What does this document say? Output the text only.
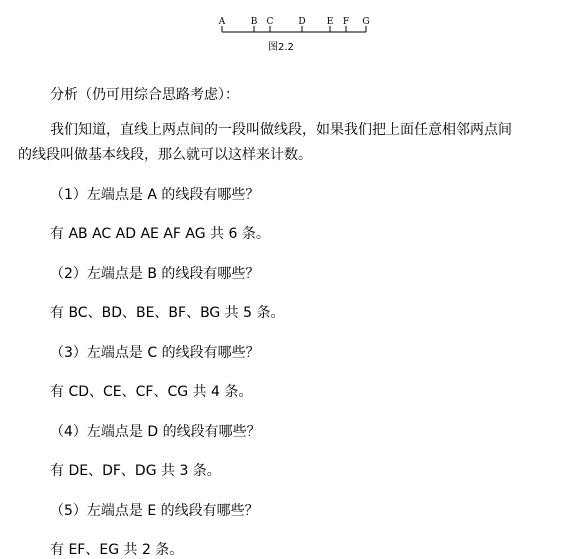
A	B C	D E F G
图2.2
分析（仍可用综合思路考虑）：
我们知道，直线上两点间的一段叫做线段，如果我们把上面任意相邻两点间
的线段叫做基本线段，那么就可以这样来计数。
（1）左端点是 A 的线段有哪些？
有 AB AC AD AE AF AG 共 6 条。
（2）左端点是 B 的线段有哪些？
有 BC、BD、BE、BF、BG 共 5 条。
（3）左端点是 C 的线段有哪些？
有 CD、CE、CF、CG 共 4 条。
（4）左端点是 D 的线段有哪些？
有 DE、DF、DG 共 3 条。
（5）左端点是 E 的线段有哪些？
有 EF、EG 共 2 条。
